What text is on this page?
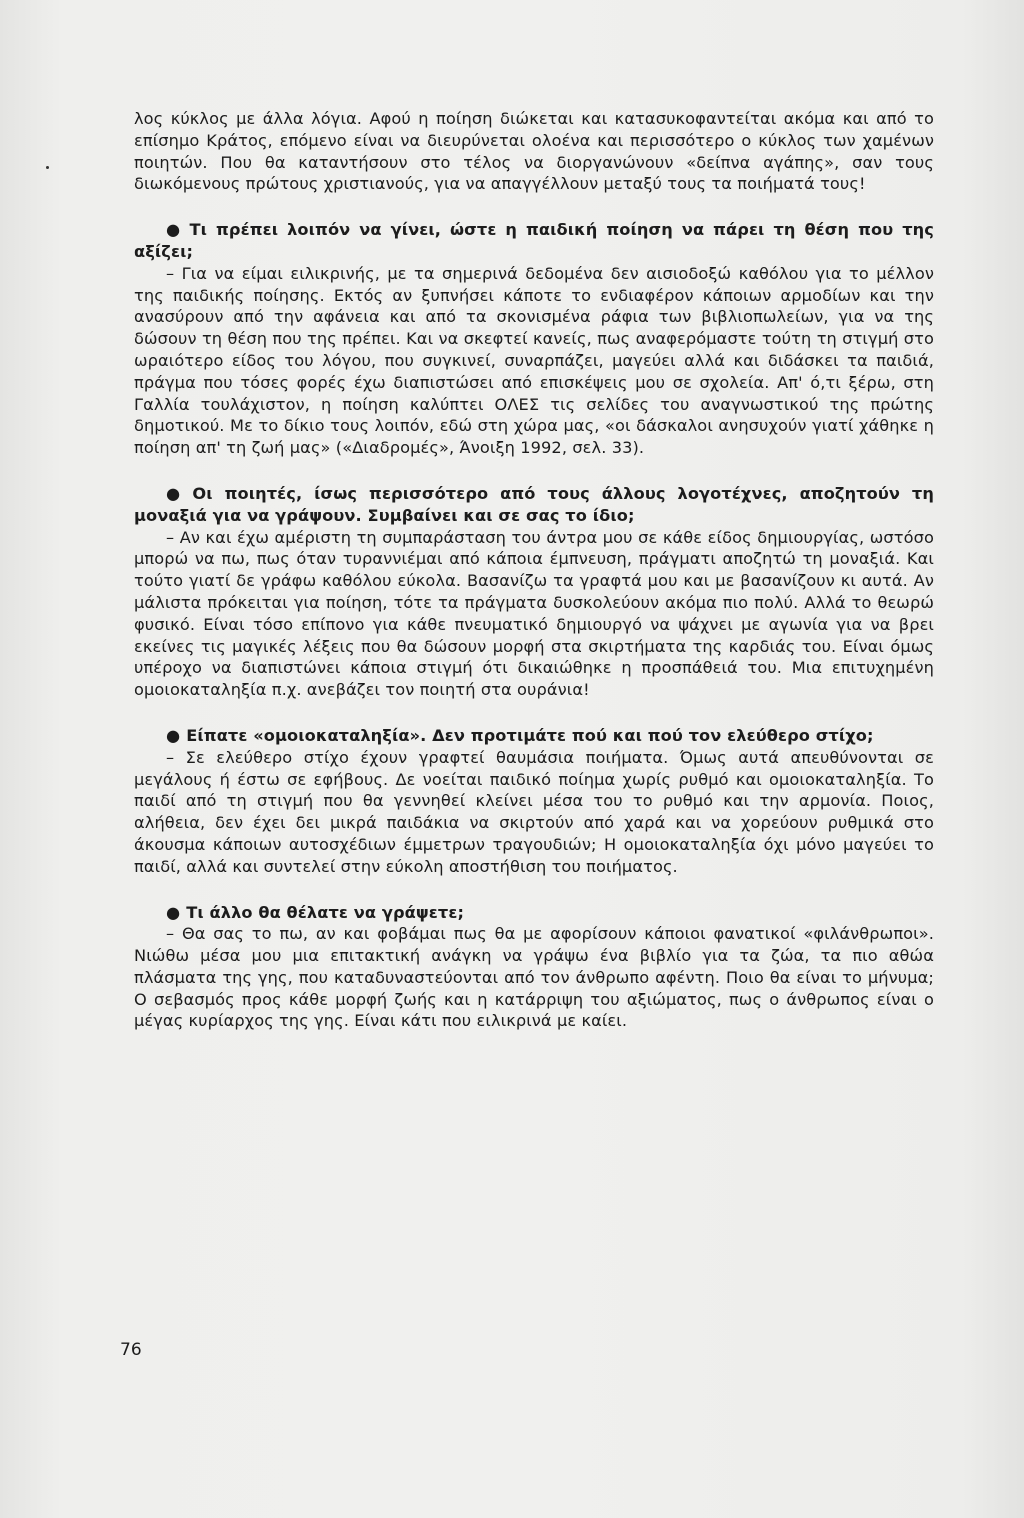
λος κύκλος με άλλα λόγια. Αφού η ποίηση διώκεται και κατασυκοφαντείται ακόμα και από το επίσημο Κράτος, επόμενο είναι να διευρύνεται ολοένα και περισσότερο ο κύκλος των χαμένων ποιητών. Που θα καταντήσουν στο τέλος να διοργανώνουν «δείπνα αγάπης», σαν τους διωκόμενους πρώτους χριστιανούς, για να απαγγέλλουν μεταξύ τους τα ποιήματά τους!

● Τι πρέπει λοιπόν να γίνει, ώστε η παιδική ποίηση να πάρει τη θέση που της αξίζει;

– Για να είμαι ειλικρινής, με τα σημερινά δεδομένα δεν αισιοδοξώ καθόλου για το μέλλον της παιδικής ποίησης. Εκτός αν ξυπνήσει κάποτε το ενδιαφέρον κάποιων αρμοδίων και την ανασύρουν από την αφάνεια και από τα σκονισμένα ράφια των βιβλιοπωλείων, για να της δώσουν τη θέση που της πρέπει. Και να σκεφτεί κανείς, πως αναφερόμαστε τούτη τη στιγμή στο ωραιότερο είδος του λόγου, που συγκινεί, συναρπάζει, μαγεύει αλλά και διδάσκει τα παιδιά, πράγμα που τόσες φορές έχω διαπιστώσει από επισκέψεις μου σε σχολεία. Απ' ό,τι ξέρω, στη Γαλλία τουλάχιστον, η ποίηση καλύπτει ΟΛΕΣ τις σελίδες του αναγνωστικού της πρώτης δημοτικού. Με το δίκιο τους λοιπόν, εδώ στη χώρα μας, «οι δάσκαλοι ανησυχούν γιατί χάθηκε η ποίηση απ' τη ζωή μας» («Διαδρομές», Άνοιξη 1992, σελ. 33).

● Οι ποιητές, ίσως περισσότερο από τους άλλους λογοτέχνες, αποζητούν τη μοναξιά για να γράψουν. Συμβαίνει και σε σας το ίδιο;

– Αν και έχω αμέριστη τη συμπαράσταση του άντρα μου σε κάθε είδος δημιουργίας, ωστόσο μπορώ να πω, πως όταν τυραννιέμαι από κάποια έμπνευση, πράγματι αποζητώ τη μοναξιά. Και τούτο γιατί δε γράφω καθόλου εύκολα. Βασανίζω τα γραφτά μου και με βασανίζουν κι αυτά. Αν μάλιστα πρόκειται για ποίηση, τότε τα πράγματα δυσκολεύουν ακόμα πιο πολύ. Αλλά το θεωρώ φυσικό. Είναι τόσο επίπονο για κάθε πνευματικό δημιουργό να ψάχνει με αγωνία για να βρει εκείνες τις μαγικές λέξεις που θα δώσουν μορφή στα σκιρτήματα της καρδιάς του. Είναι όμως υπέροχο να διαπιστώνει κάποια στιγμή ότι δικαιώθηκε η προσπάθειά του. Μια επιτυχημένη ομοιοκαταληξία π.χ. ανεβάζει τον ποιητή στα ουράνια!

● Είπατε «ομοιοκαταληξία». Δεν προτιμάτε πού και πού τον ελεύθερο στίχο;

– Σε ελεύθερο στίχο έχουν γραφτεί θαυμάσια ποιήματα. Όμως αυτά απευθύνονται σε μεγάλους ή έστω σε εφήβους. Δε νοείται παιδικό ποίημα χωρίς ρυθμό και ομοιοκαταληξία. Το παιδί από τη στιγμή που θα γεννηθεί κλείνει μέσα του το ρυθμό και την αρμονία. Ποιος, αλήθεια, δεν έχει δει μικρά παιδάκια να σκιρτούν από χαρά και να χορεύουν ρυθμικά στο άκουσμα κάποιων αυτοσχέδιων έμμετρων τραγουδιών; Η ομοιοκαταληξία όχι μόνο μαγεύει το παιδί, αλλά και συντελεί στην εύκολη αποστήθιση του ποιήματος.

● Τι άλλο θα θέλατε να γράψετε;

– Θα σας το πω, αν και φοβάμαι πως θα με αφορίσουν κάποιοι φανατικοί «φιλάνθρωποι». Νιώθω μέσα μου μια επιτακτική ανάγκη να γράψω ένα βιβλίο για τα ζώα, τα πιο αθώα πλάσματα της γης, που καταδυναστεύονται από τον άνθρωπο αφέντη. Ποιο θα είναι το μήνυμα; Ο σεβασμός προς κάθε μορφή ζωής και η κατάρριψη του αξιώματος, πως ο άνθρωπος είναι ο μέγας κυρίαρχος της γης. Είναι κάτι που ειλικρινά με καίει.

76
